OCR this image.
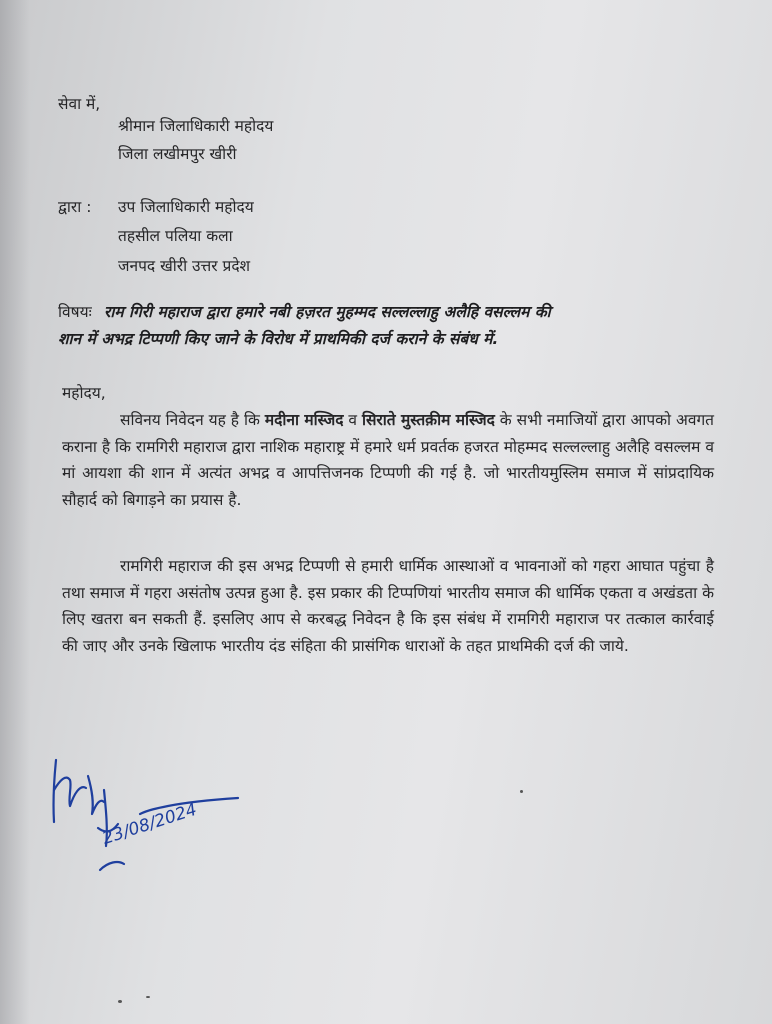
सेवा में,
श्रीमान जिलाधिकारी महोदय
जिला लखीमपुर खीरी
द्वारा : उप जिलाधिकारी महोदय
तहसील पलिया कला
जनपद खीरी उत्तर प्रदेश
विषयः राम गिरी महाराज द्वारा हमारे नबी हज़रत मुहम्मद सल्लल्लाहु अलैहि वसल्लम की
शान में अभद्र टिप्पणी किए जाने के विरोध में प्राथमिकी दर्ज कराने के संबंध में.
महोदय,
सविनय निवेदन यह है कि मदीना मस्जिद व सिराते मुस्तक़ीम मस्जिद के सभी नमाजियों द्वारा आपको अवगत कराना है कि रामगिरी महाराज द्वारा नाशिक महाराष्ट्र में हमारे धर्म प्रवर्तक हजरत मोहम्मद सल्लल्लाहु अलैहि वसल्लम व मां आयशा की शान में अत्यंत अभद्र व आपत्तिजनक टिप्पणी की गई है. जो भारतीयमुस्लिम समाज में सांप्रदायिक सौहार्द को बिगाड़ने का प्रयास है.
रामगिरी महाराज की इस अभद्र टिप्पणी से हमारी धार्मिक आस्थाओं व भावनाओं को गहरा आघात पहुंचा है तथा समाज में गहरा असंतोष उत्पन्न हुआ है. इस प्रकार की टिप्पणियां भारतीय समाज की धार्मिक एकता व अखंडता के लिए खतरा बन सकती हैं. इसलिए आप से करबद्ध निवेदन है कि इस संबंध में रामगिरी महाराज पर तत्काल कार्रवाई की जाए और उनके खिलाफ भारतीय दंड संहिता की प्रासंगिक धाराओं के तहत प्राथमिकी दर्ज की जाये.
23/08/2024
